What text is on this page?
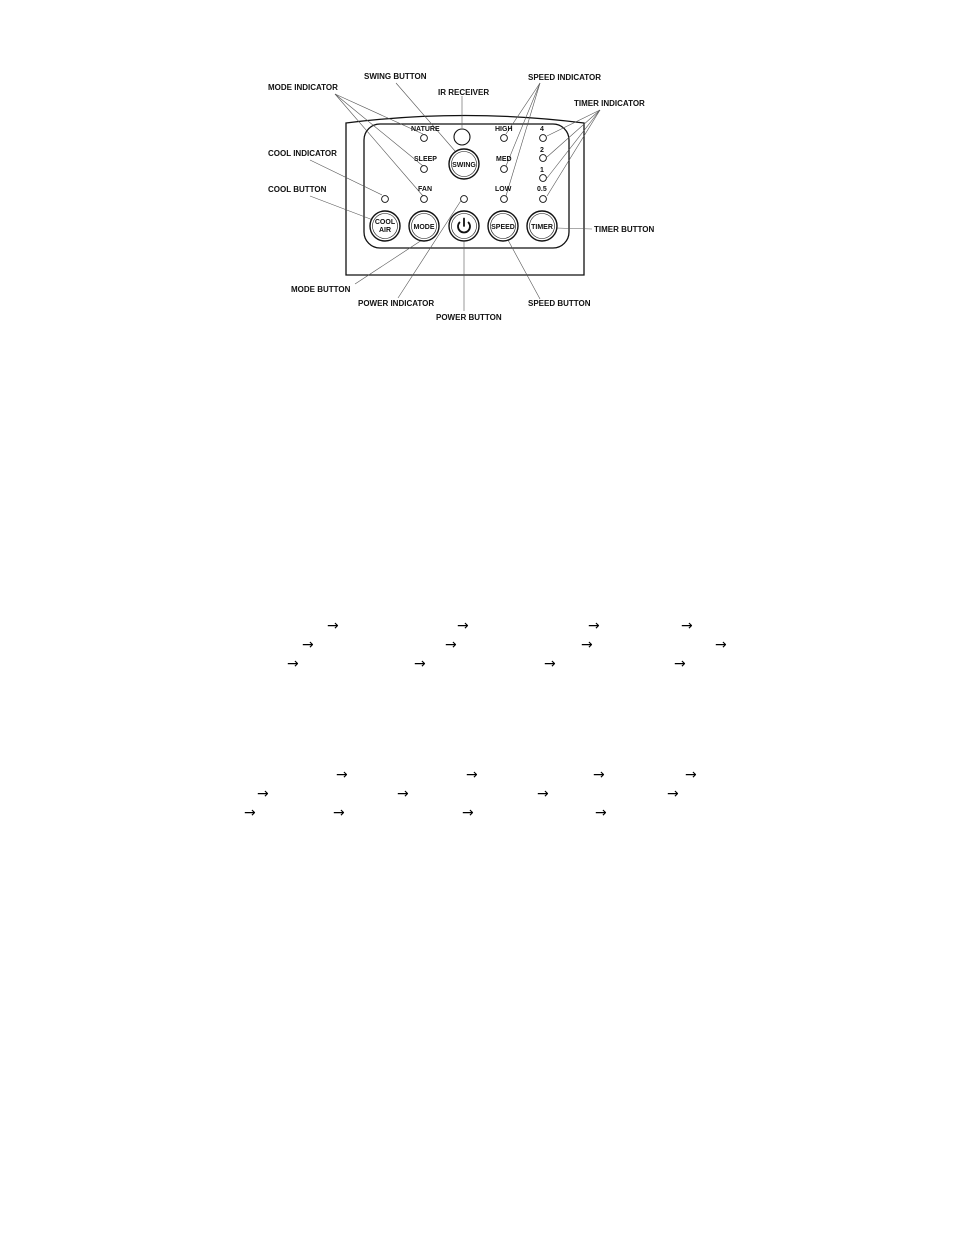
MODE INDICATOR
SWING BUTTON
IR RECEIVER
SPEED INDICATOR
TIMER INDICATOR
COOL INDICATOR
COOL BUTTON
TIMER BUTTON
MODE BUTTON
POWER INDICATOR
POWER BUTTON
SPEED BUTTON
NATURE
SLEEP
FAN
HIGH
MED
LOW
4
2
1
0.5
SWING
COOL
AIR	MODE	SPEED TIMER
→	→	→	→
→	→	→	→
→	→	→	→
→	→	→	→
→	→	→	→
→	→	→	→
